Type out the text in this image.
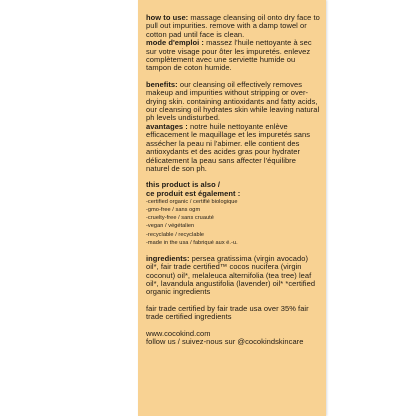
how to use: massage cleansing oil onto dry face to pull out impurities. remove with a damp towel or cotton pad until face is clean.
mode d'emploi : massez l'huile nettoyante à sec sur votre visage pour ôter les impuretés. enlevez complètement avec une serviette humide ou tampon de coton humide.
benefits: our cleansing oil effectively removes makeup and impurities without stripping or over-drying skin. containing antioxidants and fatty acids, our cleansing oil hydrates skin while leaving natural ph levels undisturbed.
avantages : notre huile nettoyante enlève efficacement le maquillage et les impuretés sans assécher la peau ni l'abimer. elle contient des antioxydants et des acides gras pour hydrater délicatement la peau sans affecter l'équilibre naturel de son ph.
this product is also /
ce produit est également :
-certified organic / certifié biologique
-gmo-free / sans ogm
-cruelty-free / sans cruauté
-vegan / végétalien
-recyclable / recyclable
-made in the usa / fabriqué aux é.-u.
ingredients: persea gratissima (virgin avocado) oil*, fair trade certified™ cocos nucifera (virgin coconut) oil*, melaleuca alternifolia (tea tree) leaf oil*, lavandula angustifolia (lavender) oil* *certified organic ingredients
fair trade certified by fair trade usa over 35% fair trade certified ingredients
www.cocokind.com
follow us / suivez-nous sur @cocokindskincare
